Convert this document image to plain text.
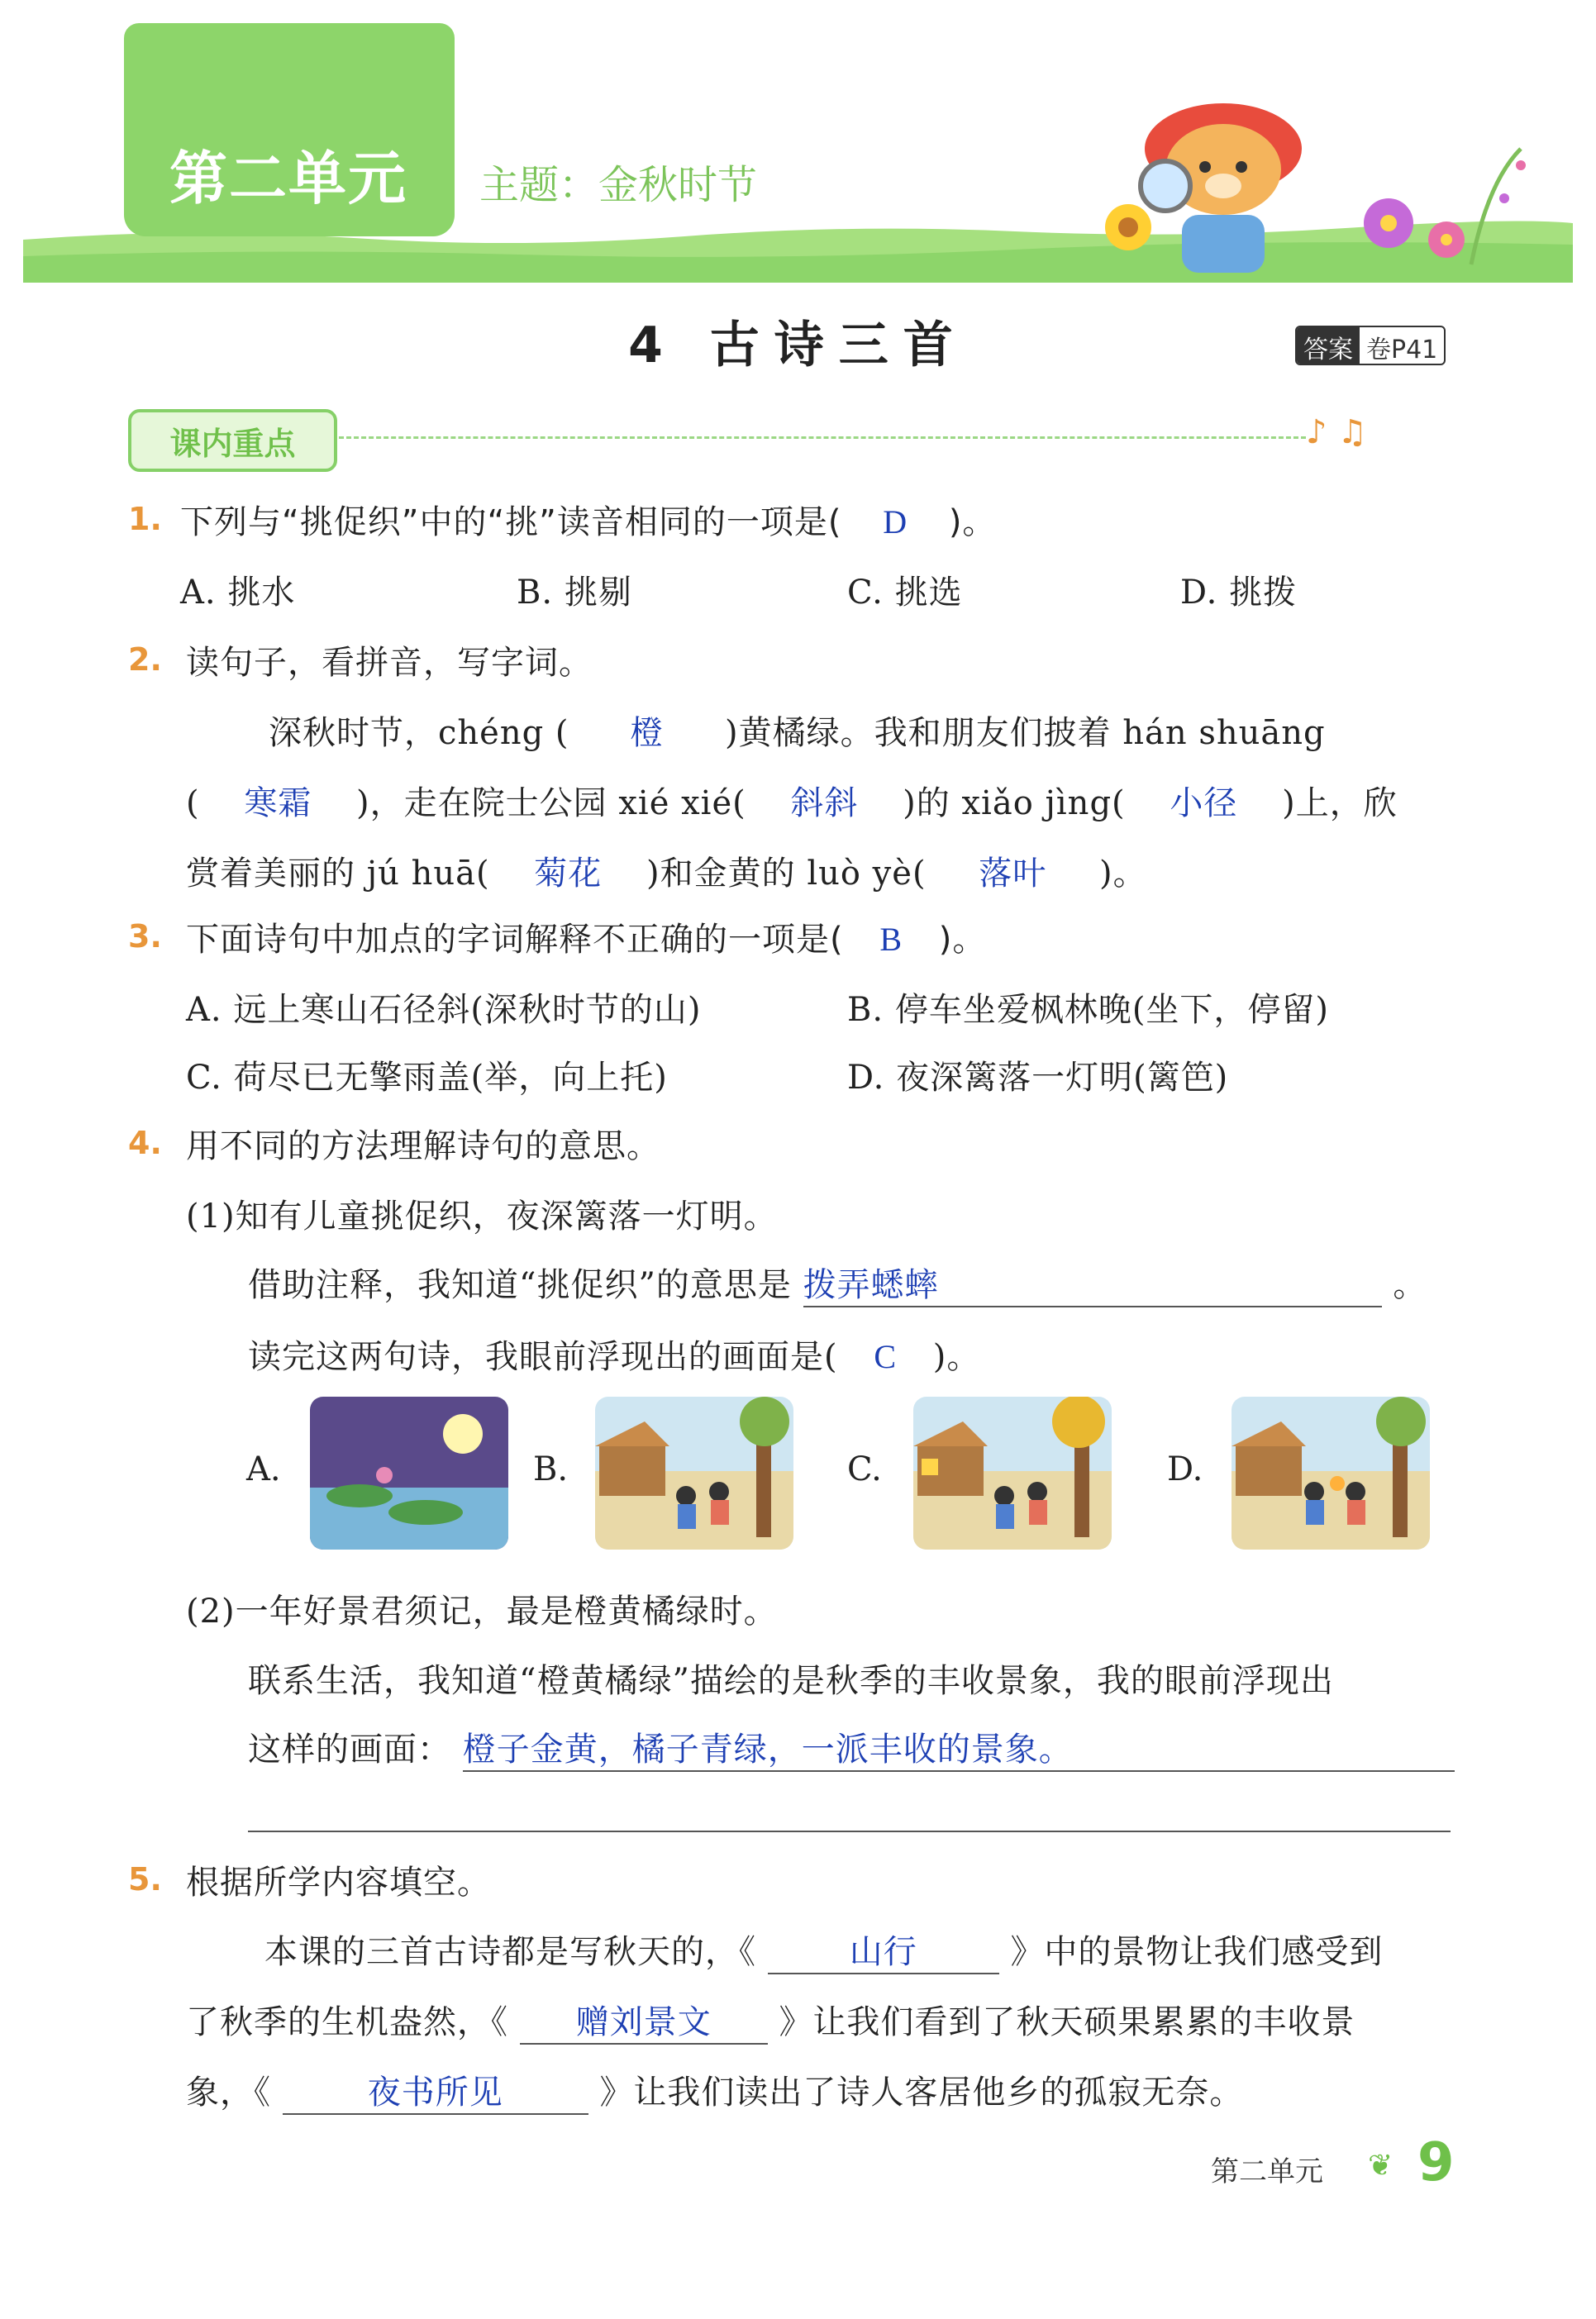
第二单元 主题：金秋时节
4 古诗三首	答案 卷P41
课内重点	♪ ♫
1. 下列与“挑促织”中的“挑”读音相同的一项是( D )。
A. 挑水	B. 挑剔	C. 挑选	D. 挑拨
2. 读句子，看拼音，写字词。
深秋时节，chéng ( 橙 )黄橘绿。我和朋友们披着 hán shuāng
( 寒霜 )，走在院士公园 xié xié( 斜斜 )的 xiǎo jìng( 小径 )上，欣
赏着美丽的 jú huā( 菊花 )和金黄的 luò yè( 落叶 )。
3. 下面诗句中加点的字词解释不正确的一项是( B )。
A. 远上寒山石径斜(深秋时节的山)	B. 停车坐爱枫林晚(坐下，停留)
C. 荷尽已无擎雨盖(举，向上托)	D. 夜深篱落一灯明(篱笆)
4. 用不同的方法理解诗句的意思。
(1)知有儿童挑促织，夜深篱落一灯明。
借助注释，我知道“挑促织”的意思是 拨弄蟋蟀	。
读完这两句诗，我眼前浮现出的画面是( C )。
A.	B.	C.	D.
(2)一年好景君须记，最是橙黄橘绿时。
联系生活，我知道“橙黄橘绿”描绘的是秋季的丰收景象，我的眼前浮现出
这样的画面： 橙子金黄，橘子青绿，一派丰收的景象。
5. 根据所学内容填空。
本课的三首古诗都是写秋天的，《	山行	》中的景物让我们感受到
了秋季的生机盎然，《 赠刘景文 》让我们看到了秋天硕果累累的丰收景
象，《	夜书所见	》让我们读出了诗人客居他乡的孤寂无奈。
第二单元 ❦ 9
